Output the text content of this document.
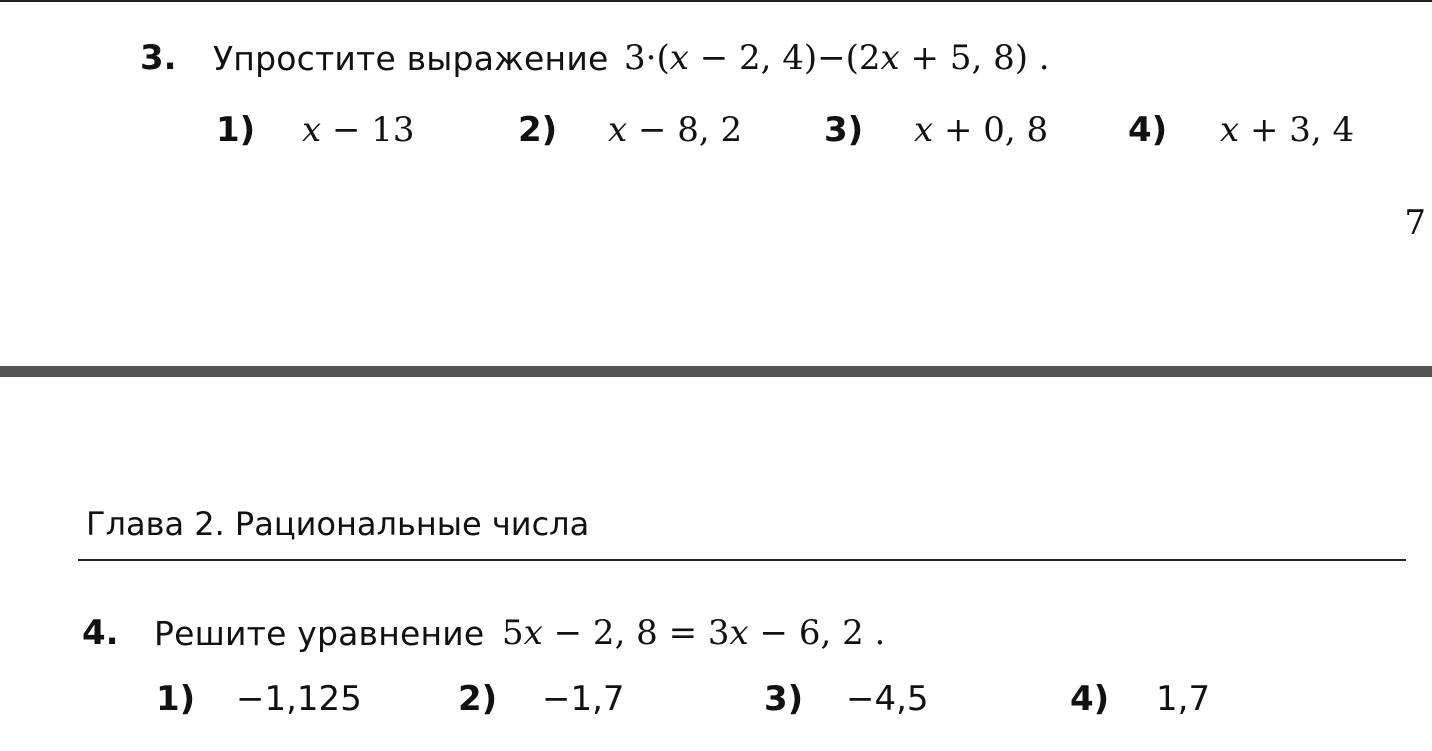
3. Упростите выражение 3·(x − 2, 4)−(2x + 5, 8) .
1) x − 13	2) x − 8, 2 3) x + 0, 8 4) x + 3, 4
7
Глава 2. Рациональные числа
4. Решите уравнение 5x − 2, 8 = 3x − 6, 2 .
1) −1,125	2) −1,7	3) −4,5	4) 1,7
